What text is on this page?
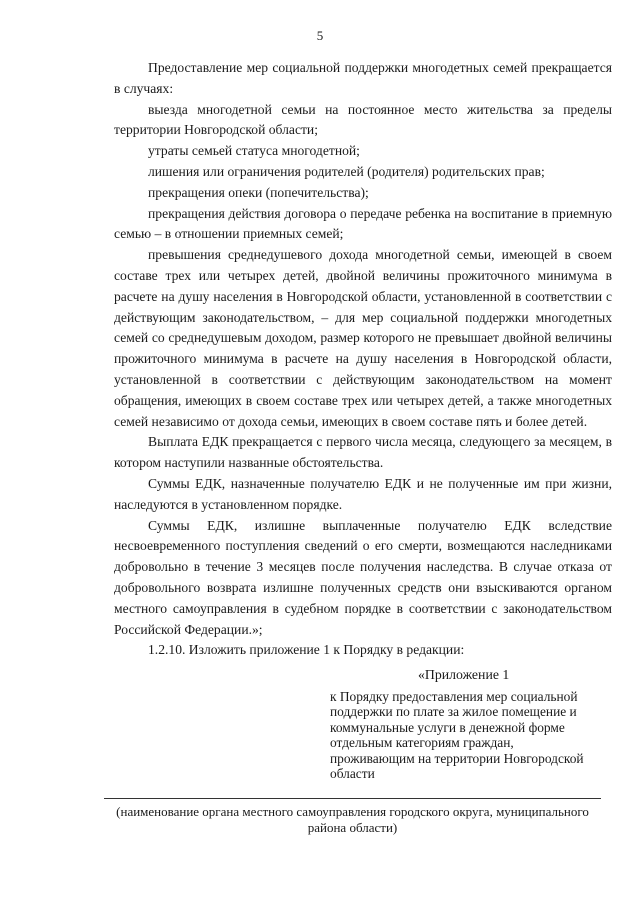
5

Предоставление мер социальной поддержки многодетных семей прекращается в случаях:

выезда многодетной семьи на постоянное место жительства за пределы территории Новгородской области;

утраты семьей статуса многодетной;

лишения или ограничения родителей (родителя) родительских прав;

прекращения опеки (попечительства);

прекращения действия договора о передаче ребенка на воспитание в приемную семью – в отношении приемных семей;

превышения среднедушевого дохода многодетной семьи, имеющей в своем составе трех или четырех детей, двойной величины прожиточного минимума в расчете на душу населения в Новгородской области, установленной в соответствии с действующим законодательством, – для мер социальной поддержки многодетных семей со среднедушевым доходом, размер которого не превышает двойной величины прожиточного минимума в расчете на душу населения в Новгородской области, установленной в соответствии с действующим законодательством на момент обращения, имеющих в своем составе трех или четырех детей, а также многодетных семей независимо от дохода семьи, имеющих в своем составе пять и более детей.

Выплата ЕДК прекращается с первого числа месяца, следующего за месяцем, в котором наступили названные обстоятельства.

Суммы ЕДК, назначенные получателю ЕДК и не полученные им при жизни, наследуются в установленном порядке.

Суммы ЕДК, излишне выплаченные получателю ЕДК вследствие несвоевременного поступления сведений о его смерти, возмещаются наследниками добровольно в течение 3 месяцев после получения наследства. В случае отказа от добровольного возврата излишне полученных средств они взыскиваются органом местного самоуправления в судебном порядке в соответствии с законодательством Российской Федерации.»;

1.2.10. Изложить приложение 1 к Порядку в редакции:

«Приложение 1

к Порядку предоставления мер социальной поддержки по плате за жилое помещение и коммунальные услуги в денежной форме отдельным категориям граждан, проживающим на территории Новгородской области

(наименование органа местного самоуправления городского округа, муниципального района области)
